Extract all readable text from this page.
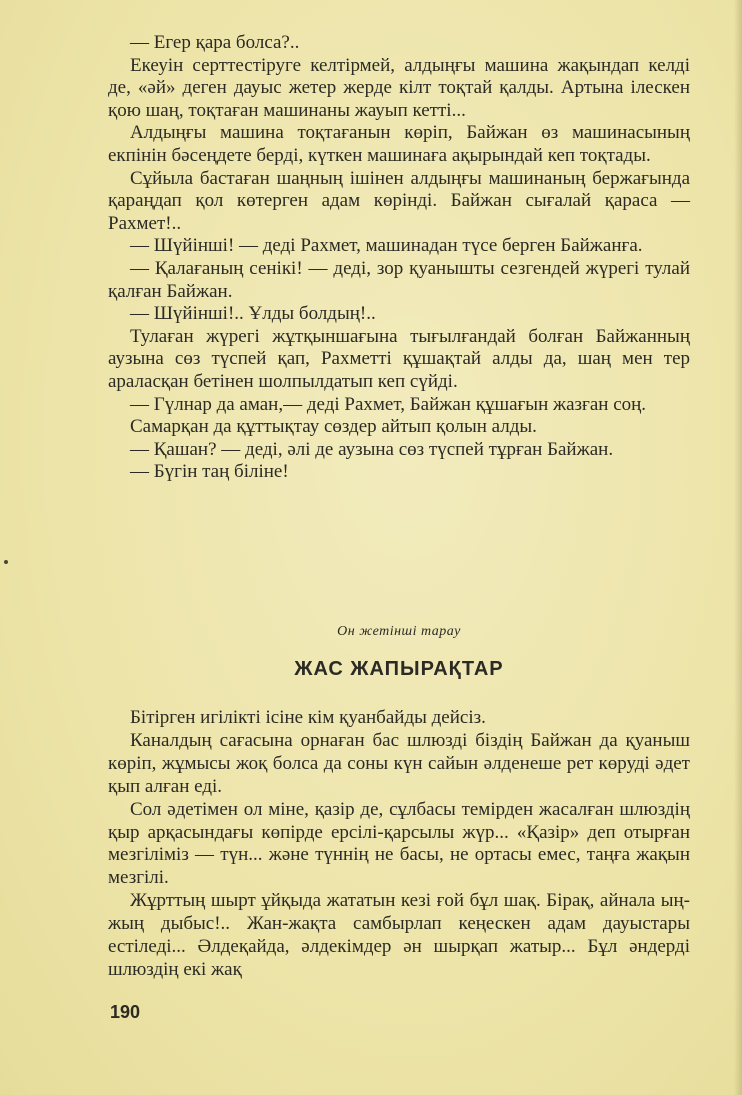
— Егер қара болса?..

Екеуін серттестіруге келтірмей, алдыңғы машина жақындап келді де, «әй» деген дауыс жетер жерде кілт тоқтай қалды. Артына ілескен қою шаң, тоқтаған машинаны жауып кетті...

Алдыңғы машина тоқтағанын көріп, Байжан өз машинасының екпінін бәсеңдете берді, күткен машинаға ақырындай кеп тоқтады.

Сұйыла бастаған шаңның ішінен алдыңғы машинаның бержағында қараңдап қол көтерген адам көрінді. Байжан сығалай қараса — Рахмет!..

— Шүйінші! — деді Рахмет, машинадан түсе берген Байжанға.

— Қалағаның сенікі! — деді, зор қуанышты сезгендей жүрегі тулай қалған Байжан.

— Шүйінші!.. Ұлды болдың!..

Тулаған жүрегі жұтқыншағына тығылғандай болған Байжанның аузына сөз түспей қап, Рахметті құшақтай алды да, шаң мен тер араласқан бетінен шолпылдатып кеп сүйді.

— Гүлнар да аман,— деді Рахмет, Байжан құшағын жазған соң.

Самарқан да құттықтау сөздер айтып қолын алды.

— Қашан? — деді, әлі де аузына сөз түспей тұрған Байжан.

— Бүгін таң біліне!

Он жетінші тарау
ЖАС ЖАПЫРАҚТАР

Бітірген игілікті ісіне кім қуанбайды дейсіз.

Каналдың сағасына орнаған бас шлюзді біздің Байжан да қуаныш көріп, жұмысы жоқ болса да соны күн сайын әлденеше рет көруді әдет қып алған еді.

Сол әдетімен ол міне, қазір де, сұлбасы темірден жасалған шлюздің қыр арқасындағы көпірде ерсілі-қарсылы жүр... «Қазір» деп отырған мезгіліміз — түн... және түннің не басы, не ортасы емес, таңға жақын мезгілі.

Жұрттың шырт ұйқыда жататын кезі ғой бұл шақ. Бірақ, айнала ың-жың дыбыс!.. Жан-жақта самбырлап кеңескен адам дауыстары естіледі... Әлдеқайда, әлдекімдер ән шырқап жатыр... Бұл әндерді шлюздің екі жақ

190
